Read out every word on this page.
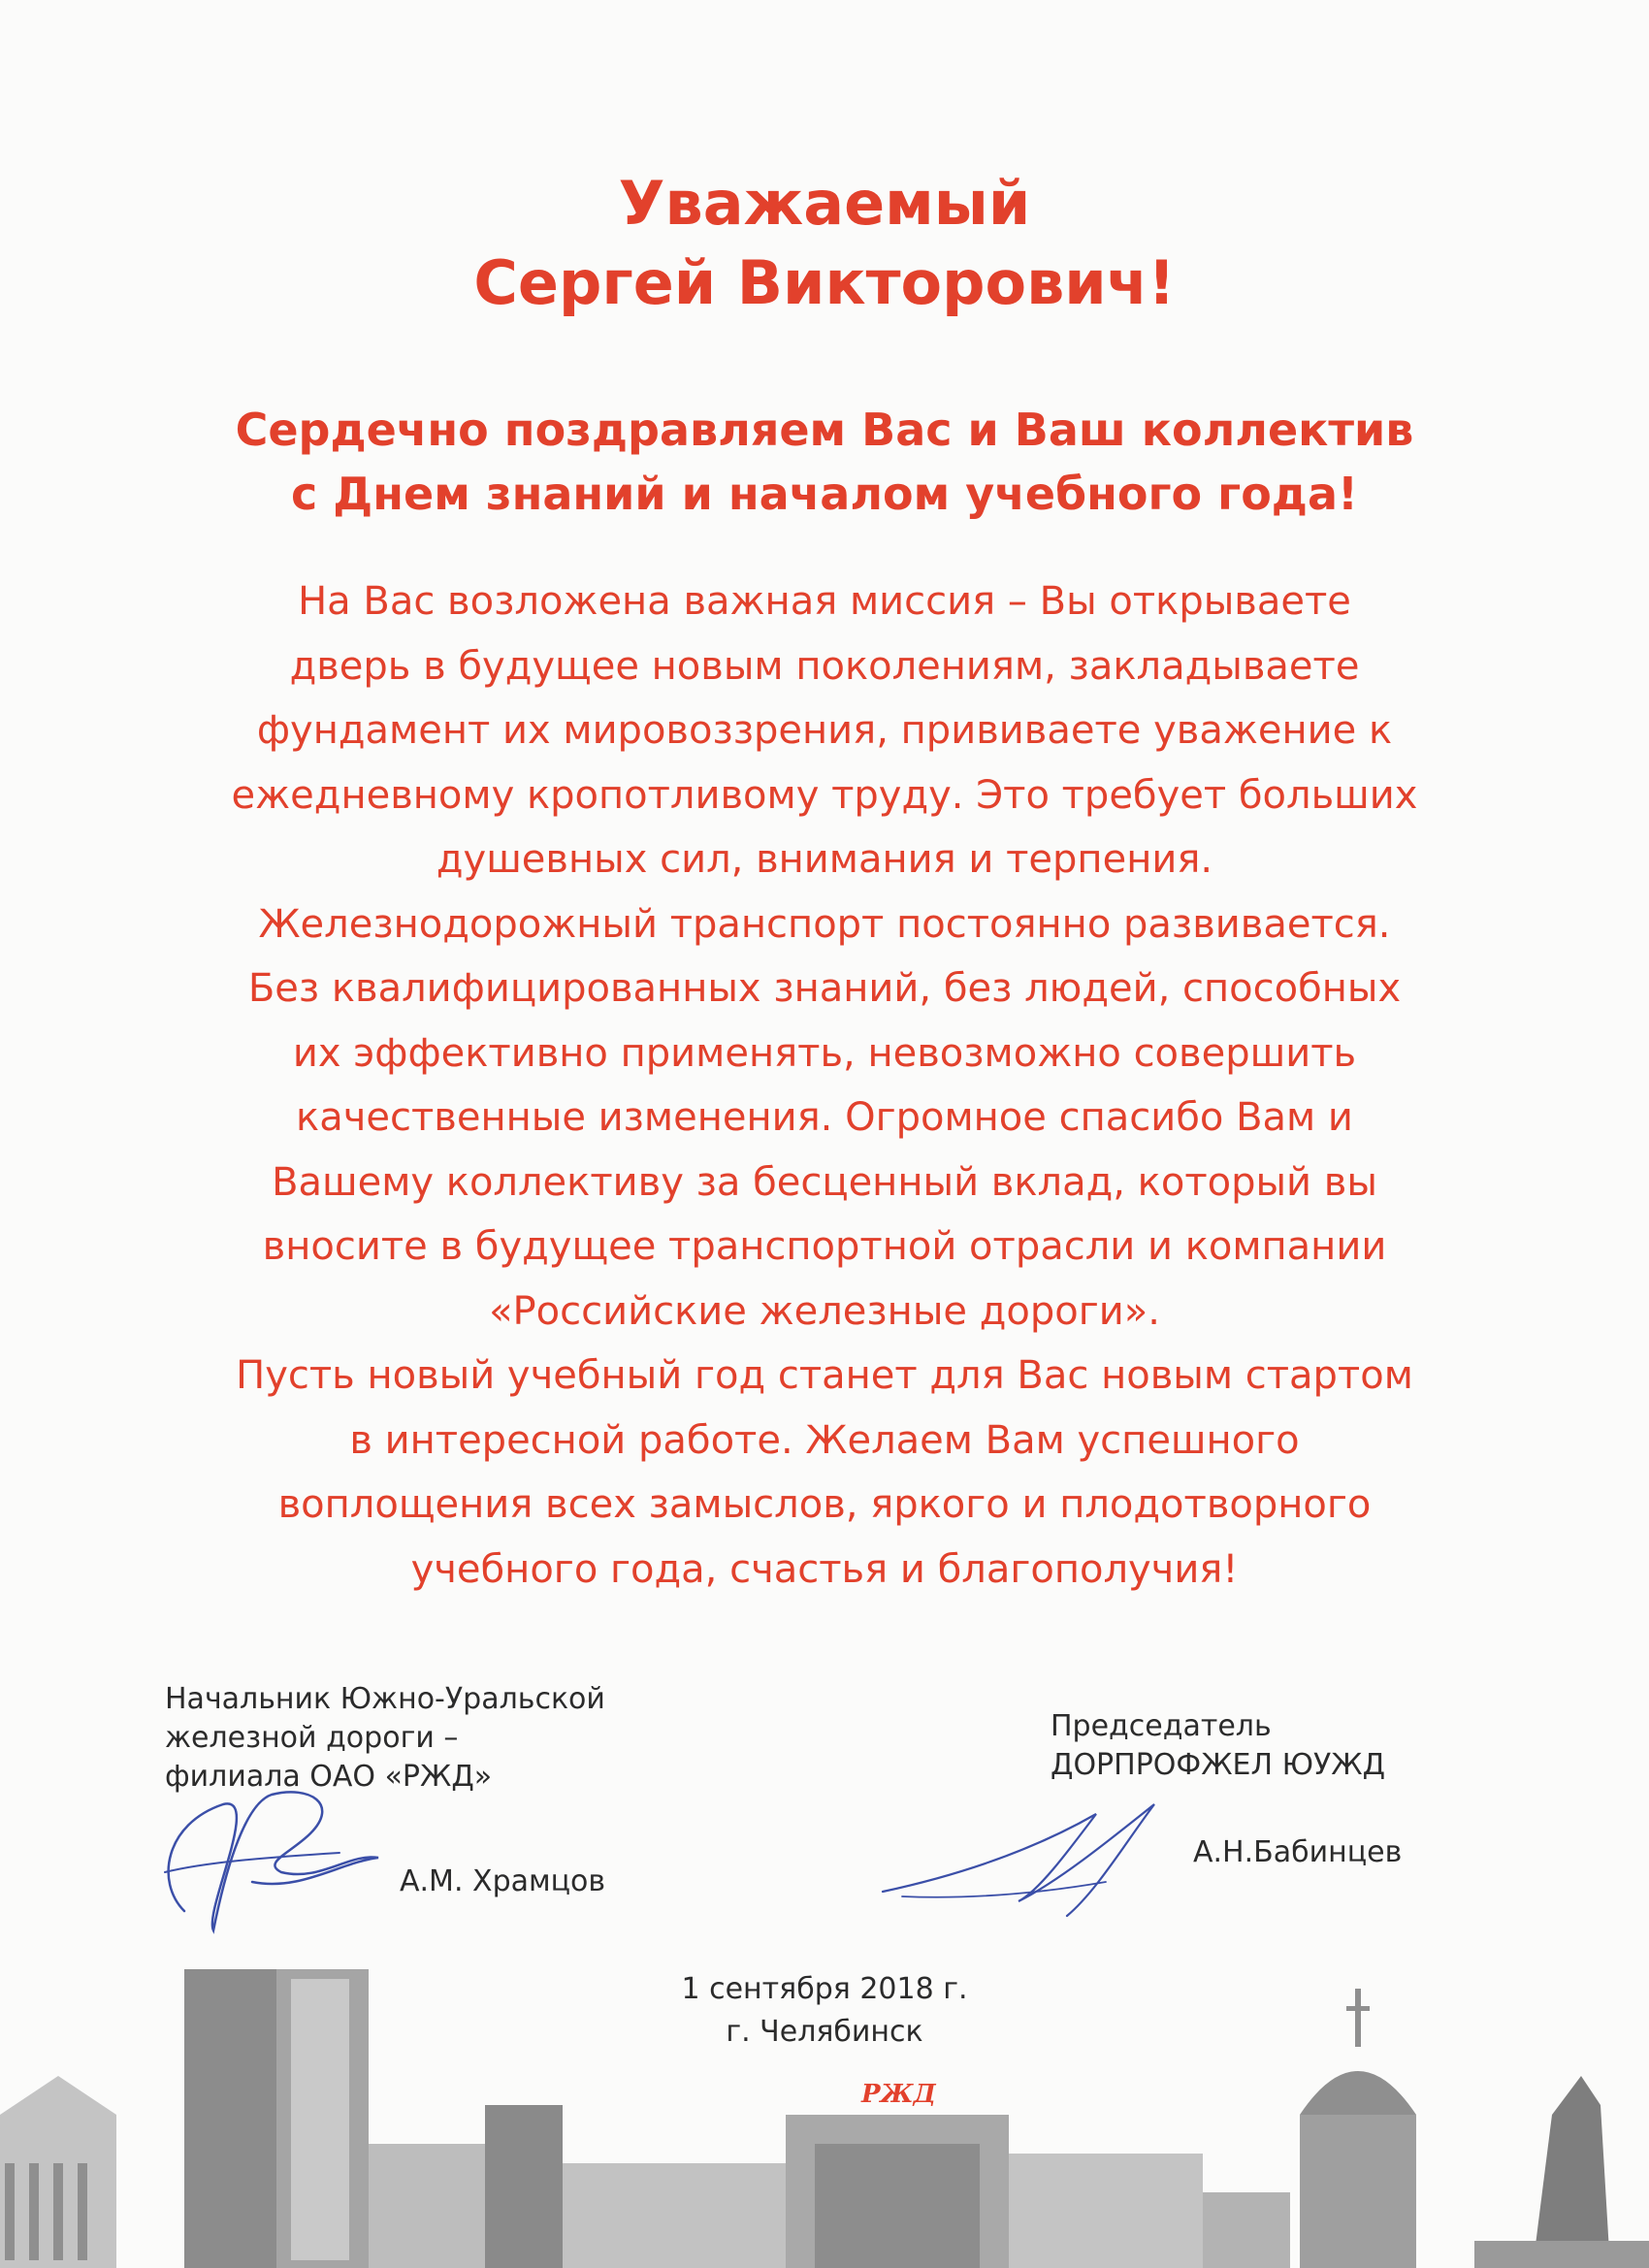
Уважаемый
Сергей Викторович!
Сердечно поздравляем Вас и Ваш коллектив
с Днем знаний и началом учебного года!
На Вас возложена важная миссия – Вы открываете
дверь в будущее новым поколениям, закладываете
фундамент их мировоззрения, прививаете уважение к
ежедневному кропотливому труду. Это требует больших
душевных сил, внимания и терпения.
Железнодорожный транспорт постоянно развивается.
Без квалифицированных знаний, без людей, способных
их эффективно применять, невозможно совершить
качественные изменения. Огромное спасибо Вам и
Вашему коллективу за бесценный вклад, который вы
вносите в будущее транспортной отрасли и компании
«Российские железные дороги».
Пусть новый учебный год станет для Вас новым стартом
в интересной работе. Желаем Вам успешного
воплощения всех замыслов, яркого и плодотворного
учебного года, счастья и благополучия!
Начальник Южно-Уральской
железной дороги –
филиала ОАО «РЖД»
А.М. Храмцов
Председатель
ДОРПРОФЖЕЛ ЮУЖД
А.Н.Бабинцев
1 сентября 2018 г.
г. Челябинск
РЖД
